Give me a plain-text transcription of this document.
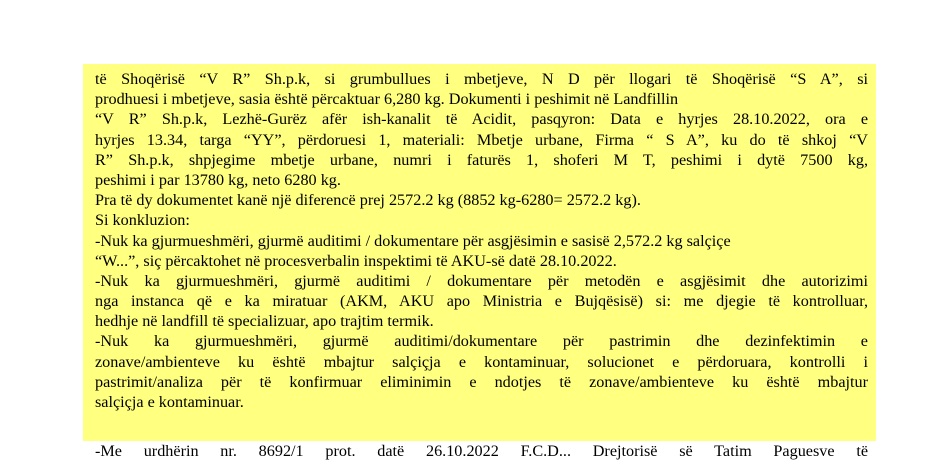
të Shoqërisë “V R” Sh.p.k, si grumbullues i mbetjeve, N D për llogari të Shoqërisë “S A”, si
prodhuesi i mbetjeve, sasia është përcaktuar 6,280 kg. Dokumenti i peshimit në Landfillin
“V R” Sh.p.k, Lezhë-Gurëz afër ish-kanalit të Acidit, pasqyron: Data e hyrjes 28.10.2022, ora e
hyrjes 13.34, targa “YY”, përdoruesi 1, materiali: Mbetje urbane, Firma “ S A”, ku do të shkoj “V
R” Sh.p.k, shpjegime mbetje urbane, numri i faturës 1, shoferi M T, peshimi i dytë 7500 kg,
peshimi i par 13780 kg, neto 6280 kg.
Pra të dy dokumentet kanë një diferencë prej 2572.2 kg (8852 kg-6280= 2572.2 kg).
Si konkluzion:
-Nuk ka gjurmueshmëri, gjurmë auditimi / dokumentare për asgjësimin e sasisë 2,572.2 kg salçiçe
“W...”, siç përcaktohet në procesverbalin inspektimi të AKU-së datë 28.10.2022.
-Nuk ka gjurmueshmëri, gjurmë auditimi / dokumentare për metodën e asgjësimit dhe autorizimi
nga instanca që e ka miratuar (AKM, AKU apo Ministria e Bujqësisë) si: me djegie të kontrolluar,
hedhje në landfill të specializuar, apo trajtim termik.
-Nuk ka gjurmueshmëri, gjurmë auditimi/dokumentare për pastrimin dhe dezinfektimin e
zonave/ambienteve ku është mbajtur salçiçja e kontaminuar, solucionet e përdoruara, kontrolli i
pastrimit/analiza për të konfirmuar eliminimin e ndotjes të zonave/ambienteve ku është mbajtur
salçiçja e kontaminuar.
-Me urdhërin nr. 8692/1 prot. datë 26.10.2022 F.C.D... Drejtorisë së Tatim Paguesve të
